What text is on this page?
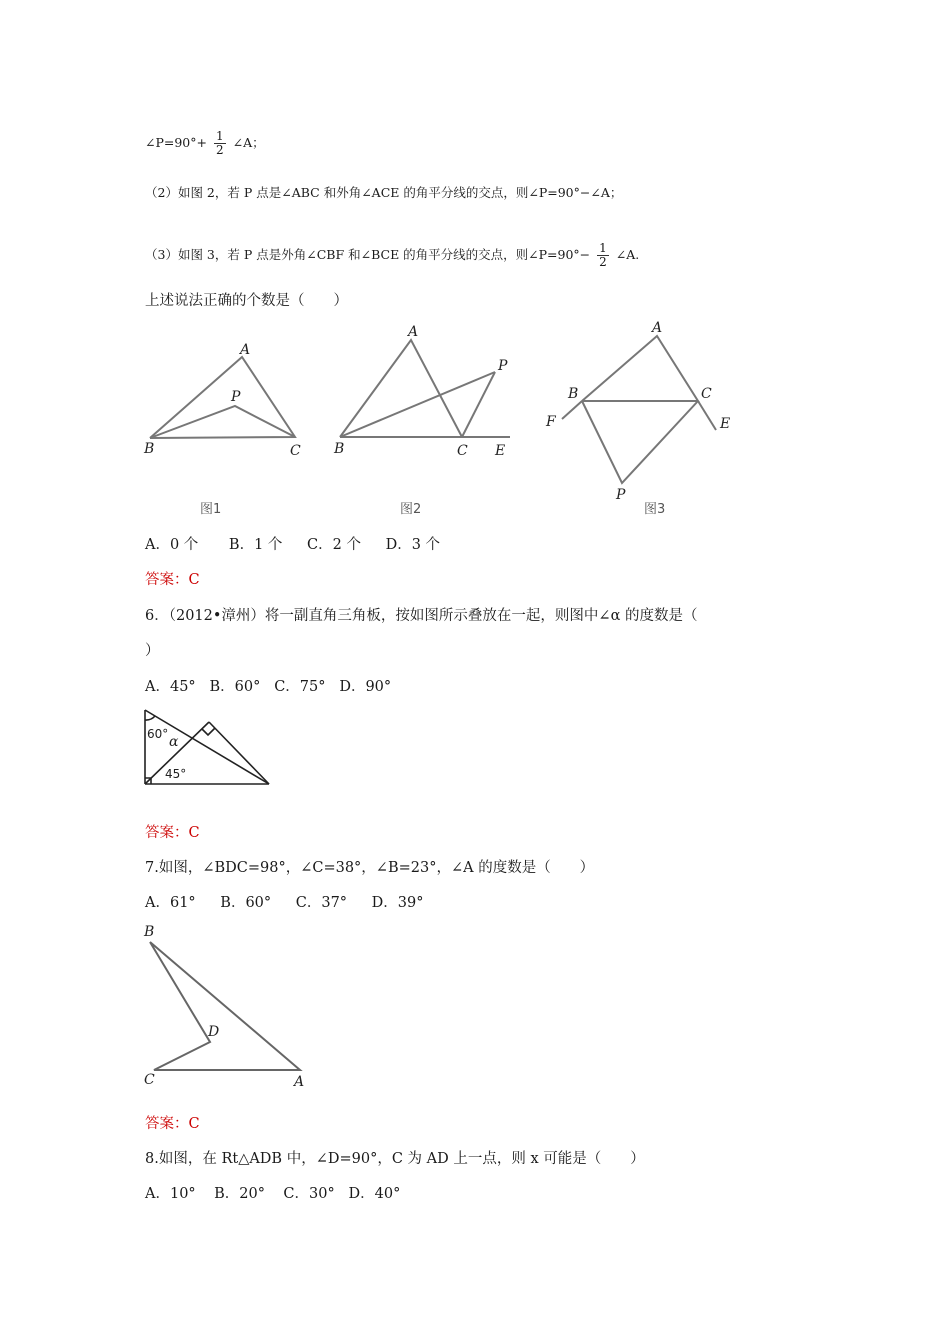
∠P=90°+ $\frac{1}{2}$ ∠A；
（2）如图 2，若 P 点是∠ABC 和外角∠ACE 的角平分线的交点，则∠P=90°−∠A；
（3）如图 3，若 P 点是外角∠CBF 和∠BCE 的角平分线的交点，则∠P=90°− $\frac{1}{2}$ ∠A.
上述说法正确的个数是（　　）
A
P
B	C
图1
A
P
B	C E
图2
A
B	C
F	E
P
图3
A．0 个 B．1 个 C．2 个 D．3 个
答案：C
6．（2012•漳州）将一副直角三角板，按如图所示叠放在一起，则图中∠α 的度数是（
）
A．45° B．60° C．75° D．90°
60° α
45°
答案：C
7.如图，∠BDC=98°，∠C=38°，∠B=23°，∠A 的度数是（　　）
A．61° B．60° C．37° D．39°
B
D
C	A
答案：C
8.如图，在 Rt△ADB 中，∠D=90°，C 为 AD 上一点，则 x 可能是（　　）
A．10° B．20° C．30° D．40°
